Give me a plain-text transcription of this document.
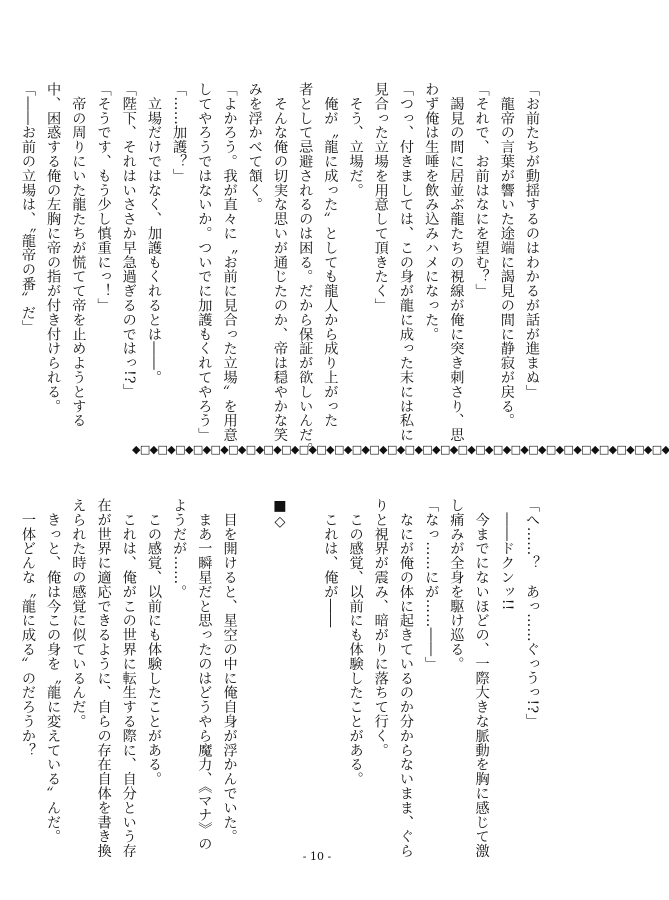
「お前たちが動揺するのはわかるが話が進まぬ」
　龍帝の言葉が響いた途端に謁見の間に静寂が戻る。
「それで、お前はなにを望む？」
　謁見の間に居並ぶ龍たちの視線が俺に突き刺さり、思
わず俺は生唾を飲み込みハメになった。
「つっ、付きましては、この身が龍に成った末には私に
見合った立場を用意して頂きたく」
　そう、立場だ。
　俺が〝龍に成った〟としても龍人から成り上がった
者として忌避されるのは困る。だから保証が欲しいんだ。
　そんな俺の切実な思いが通じたのか、帝は穏やかな笑
みを浮かべて頷く。
「よかろう。我が直々に〝お前に見合った立場〟を用意
してやろうではないか。ついでに加護もくれてやろう」
「……加護？」
　立場だけではなく、加護もくれるとは――。
「陛下、それはいささか早急過ぎるのではっ!?」
「そうです、もう少し慎重にっ！」
　帝の周りにいた龍たちが慌てて帝を止めようとする
中、困惑する俺の左胸に帝の指が付き付けられる。
「――お前の立場は、〝龍帝の番〟だ」
◆□◆□◆□◆□◆□◆□◆□◆□◆□◆□◆□◆□◆□◆□◆□◆□◆□◆□◆□◆□◆□◆□◆□◆□◆□◆□◆□◆□◆□◆□◆
「へ……？　あっ……ぐっうっ!?」
　――ドクンッ!!
　今までにないほどの、一際大きな脈動を胸に感じて激
し痛みが全身を駆け巡る。
「なっ……にが……――」
　なにが俺の体に起きているのか分からないまま、ぐら
りと視界が震み、暗がりに落ちて行く。
　この感覚、以前にも体験したことがある。
　これは、俺が――

■◇

　目を開けると、星空の中に俺自身が浮かんでいた。
　まあ一瞬星だと思ったのはどうやら魔力、《マナ》の
ようだが……。
　この感覚、以前にも体験したことがある。
　これは、俺がこの世界に転生する際に、自分という存
在が世界に適応できるように、自らの存在自体を書き換
えられた時の感覚に似ているんだ。
　きっと、俺は今この身を〝龍に変えている〟んだ。
　一体どんな〝龍に成る〟のだろうか？
- 10 -
